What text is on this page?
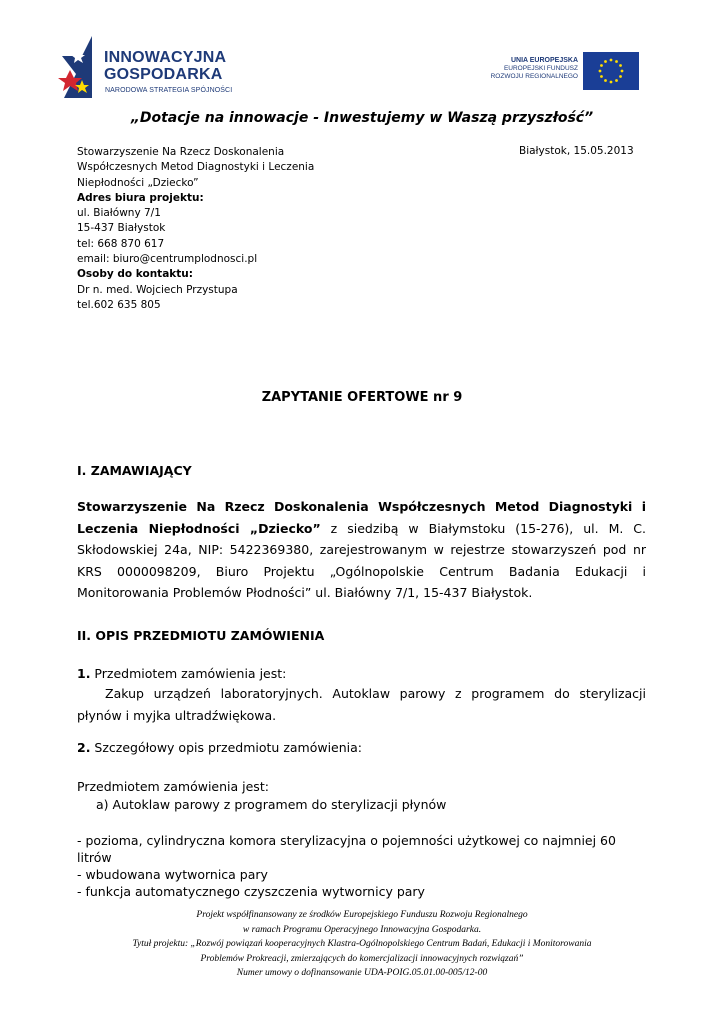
INNOWACYJNA
GOSPODARKA
NARODOWA STRATEGIA SPÓJNOŚCI
UNIA EUROPEJSKA
EUROPEJSKI FUNDUSZ
ROZWOJU REGIONALNEGO
„Dotacje na innowacje - Inwestujemy w Waszą przyszłość”
Stowarzyszenie Na Rzecz Doskonalenia
Współczesnych Metod Diagnostyki i Leczenia
Niepłodności „Dziecko”
Adres biura projektu:
ul. Białówny 7/1
15-437 Białystok
tel: 668 870 617
email: biuro@centrumplodnosci.pl
Osoby do kontaktu:
Dr n. med. Wojciech Przystupa
tel.602 635 805
Białystok, 15.05.2013
ZAPYTANIE OFERTOWE nr 9
I. ZAMAWIAJĄCY
Stowarzyszenie Na Rzecz Doskonalenia Współczesnych Metod Diagnostyki i Leczenia Niepłodności „Dziecko” z siedzibą w Białymstoku (15-276), ul. M. C. Skłodowskiej 24a, NIP: 5422369380, zarejestrowanym w rejestrze stowarzyszeń pod nr KRS 0000098209, Biuro Projektu „Ogólnopolskie Centrum Badania Edukacji i Monitorowania Problemów Płodności” ul. Białówny 7/1, 15-437 Białystok.
II. OPIS PRZEDMIOTU ZAMÓWIENIA
1. Przedmiotem zamówienia jest:
Zakup urządzeń laboratoryjnych. Autoklaw parowy z programem do sterylizacji płynów i myjka ultradźwiękowa.
2. Szczegółowy opis przedmiotu zamówienia:
Przedmiotem zamówienia jest:
a) Autoklaw parowy z programem do sterylizacji płynów
- pozioma, cylindryczna komora sterylizacyjna o pojemności użytkowej co najmniej 60 litrów
- wbudowana wytwornica pary
- funkcja automatycznego czyszczenia wytwornicy pary
Projekt współfinansowany ze środków Europejskiego Funduszu Rozwoju Regionalnego
w ramach Programu Operacyjnego Innowacyjna Gospodarka.
Tytuł projektu: „Rozwój powiązań kooperacyjnych Klastra-Ogólnopolskiego Centrum Badań, Edukacji i Monitorowania
Problemów Prokreacji, zmierzających do komercjalizacji innowacyjnych rozwiązań”
Numer umowy o dofinansowanie UDA-POIG.05.01.00-005/12-00
